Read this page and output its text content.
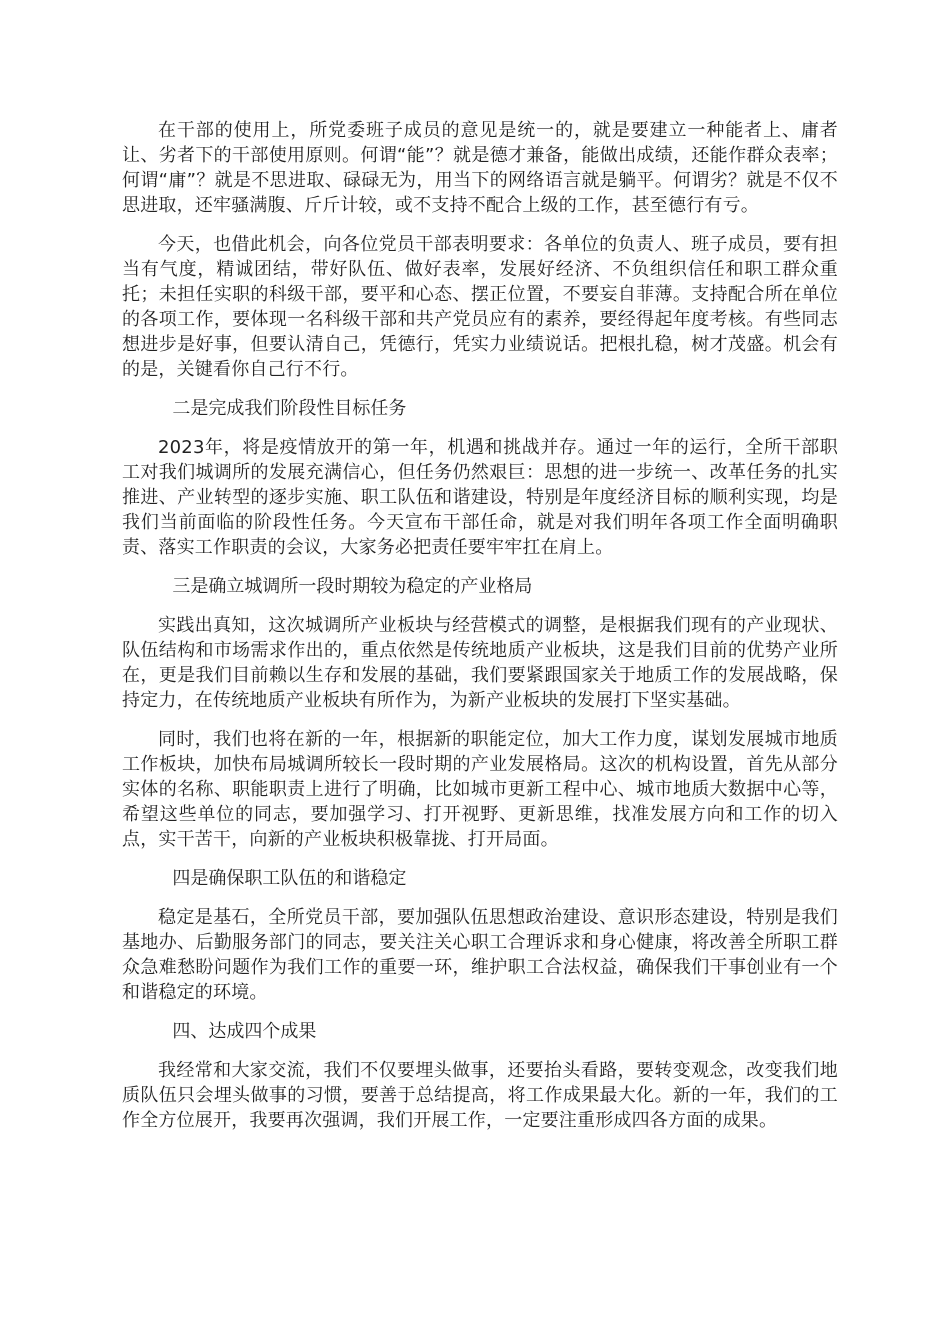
在干部的使用上，所党委班子成员的意见是统一的，就是要建立一种能者上、庸者让、劣者下的干部使用原则。何谓“能”？就是德才兼备，能做出成绩，还能作群众表率；何谓“庸”？就是不思进取、碌碌无为，用当下的网络语言就是躺平。何谓劣？就是不仅不思进取，还牢骚满腹、斤斤计较，或不支持不配合上级的工作，甚至德行有亏。

今天，也借此机会，向各位党员干部表明要求：各单位的负责人、班子成员，要有担当有气度，精诚团结，带好队伍、做好表率，发展好经济、不负组织信任和职工群众重托；未担任实职的科级干部，要平和心态、摆正位置，不要妄自菲薄。支持配合所在单位的各项工作，要体现一名科级干部和共产党员应有的素养，要经得起年度考核。有些同志想进步是好事，但要认清自己，凭德行，凭实力业绩说话。把根扎稳，树才茂盛。机会有的是，关键看你自己行不行。

二是完成我们阶段性目标任务

2023年，将是疫情放开的第一年，机遇和挑战并存。通过一年的运行，全所干部职工对我们城调所的发展充满信心，但任务仍然艰巨：思想的进一步统一、改革任务的扎实推进、产业转型的逐步实施、职工队伍和谐建设，特别是年度经济目标的顺利实现，均是我们当前面临的阶段性任务。今天宣布干部任命，就是对我们明年各项工作全面明确职责、落实工作职责的会议，大家务必把责任要牢牢扛在肩上。

三是确立城调所一段时期较为稳定的产业格局

实践出真知，这次城调所产业板块与经营模式的调整，是根据我们现有的产业现状、队伍结构和市场需求作出的，重点依然是传统地质产业板块，这是我们目前的优势产业所在，更是我们目前赖以生存和发展的基础，我们要紧跟国家关于地质工作的发展战略，保持定力，在传统地质产业板块有所作为，为新产业板块的发展打下坚实基础。

同时，我们也将在新的一年，根据新的职能定位，加大工作力度，谋划发展城市地质工作板块，加快布局城调所较长一段时期的产业发展格局。这次的机构设置，首先从部分实体的名称、职能职责上进行了明确，比如城市更新工程中心、城市地质大数据中心等，希望这些单位的同志，要加强学习、打开视野、更新思维，找准发展方向和工作的切入点，实干苦干，向新的产业板块积极靠拢、打开局面。

四是确保职工队伍的和谐稳定

稳定是基石，全所党员干部，要加强队伍思想政治建设、意识形态建设，特别是我们基地办、后勤服务部门的同志，要关注关心职工合理诉求和身心健康，将改善全所职工群众急难愁盼问题作为我们工作的重要一环，维护职工合法权益，确保我们干事创业有一个和谐稳定的环境。

四、达成四个成果

我经常和大家交流，我们不仅要埋头做事，还要抬头看路，要转变观念，改变我们地质队伍只会埋头做事的习惯，要善于总结提高，将工作成果最大化。新的一年，我们的工作全方位展开，我要再次强调，我们开展工作，一定要注重形成四各方面的成果。
